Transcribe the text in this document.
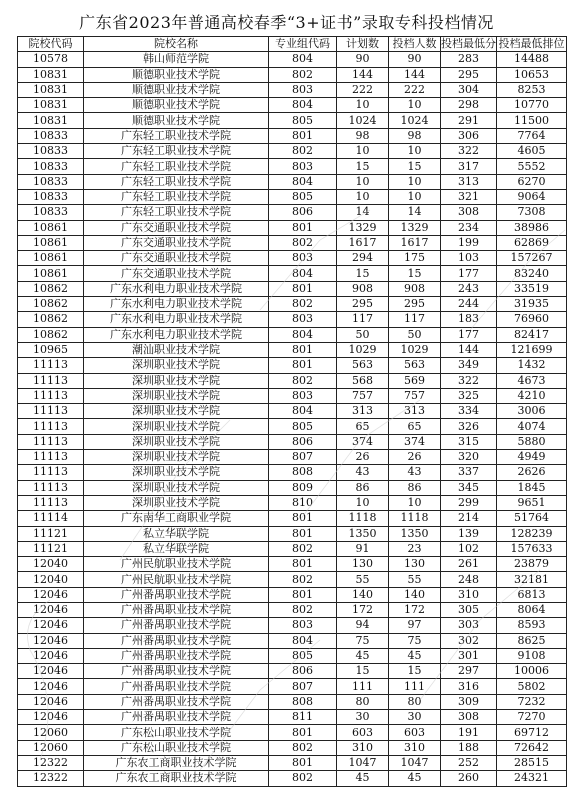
广东省2023年普通高校春季“3+证书”录取专科投档情况
院校代码	院校名称	专业组代码	计划数	投档人数	投档最低分	投档最低排位
10578	韩山师范学院	804	90	90	283	14488
10831	顺德职业技术学院	802	144	144	295	10653
10831	顺德职业技术学院	803	222	222	304	8253
10831	顺德职业技术学院	804	10	10	298	10770
10831	顺德职业技术学院	805	1024	1024	291	11500
10833	广东轻工职业技术学院	801	98	98	306	7764
10833	广东轻工职业技术学院	802	10	10	322	4605
10833	广东轻工职业技术学院	803	15	15	317	5552
10833	广东轻工职业技术学院	804	10	10	313	6270
10833	广东轻工职业技术学院	805	10	10	321	9064
10833	广东轻工职业技术学院	806	14	14	308	7308
10861	广东交通职业技术学院	801	1329	1329	234	38986
10861	广东交通职业技术学院	802	1617	1617	199	62869
10861	广东交通职业技术学院	803	294	175	103	157267
10861	广东交通职业技术学院	804	15	15	177	83240
10862	广东水利电力职业技术学院	801	908	908	243	33519
10862	广东水利电力职业技术学院	802	295	295	244	31935
10862	广东水利电力职业技术学院	803	117	117	183	76960
10862	广东水利电力职业技术学院	804	50	50	177	82417
10965	潮汕职业技术学院	801	1029	1029	144	121699
11113	深圳职业技术学院	801	563	563	349	1432
11113	深圳职业技术学院	802	568	569	322	4673
11113	深圳职业技术学院	803	757	757	325	4210
11113	深圳职业技术学院	804	313	313	334	3006
11113	深圳职业技术学院	805	65	65	326	4074
11113	深圳职业技术学院	806	374	374	315	5880
11113	深圳职业技术学院	807	26	26	320	4949
11113	深圳职业技术学院	808	43	43	337	2626
11113	深圳职业技术学院	809	86	86	345	1845
11113	深圳职业技术学院	810	10	10	299	9651
11114	广东南华工商职业学院	801	1118	1118	214	51764
11121	私立华联学院	801	1350	1350	139	128239
11121	私立华联学院	802	91	23	102	157633
12040	广州民航职业技术学院	801	130	130	261	23879
12040	广州民航职业技术学院	802	55	55	248	32181
12046	广州番禺职业技术学院	801	140	140	310	6813
12046	广州番禺职业技术学院	802	172	172	305	8064
12046	广州番禺职业技术学院	803	94	97	303	8593
12046	广州番禺职业技术学院	804	75	75	302	8625
12046	广州番禺职业技术学院	805	45	45	301	9108
12046	广州番禺职业技术学院	806	15	15	297	10006
12046	广州番禺职业技术学院	807	111	111	316	5802
12046	广州番禺职业技术学院	808	80	80	309	7232
12046	广州番禺职业技术学院	811	30	30	308	7270
12060	广东松山职业技术学院	801	603	603	191	69712
12060	广东松山职业技术学院	802	310	310	188	72642
12322	广东农工商职业技术学院	801	1047	1047	252	28515
12322	广东农工商职业技术学院	802	45	45	260	24321
